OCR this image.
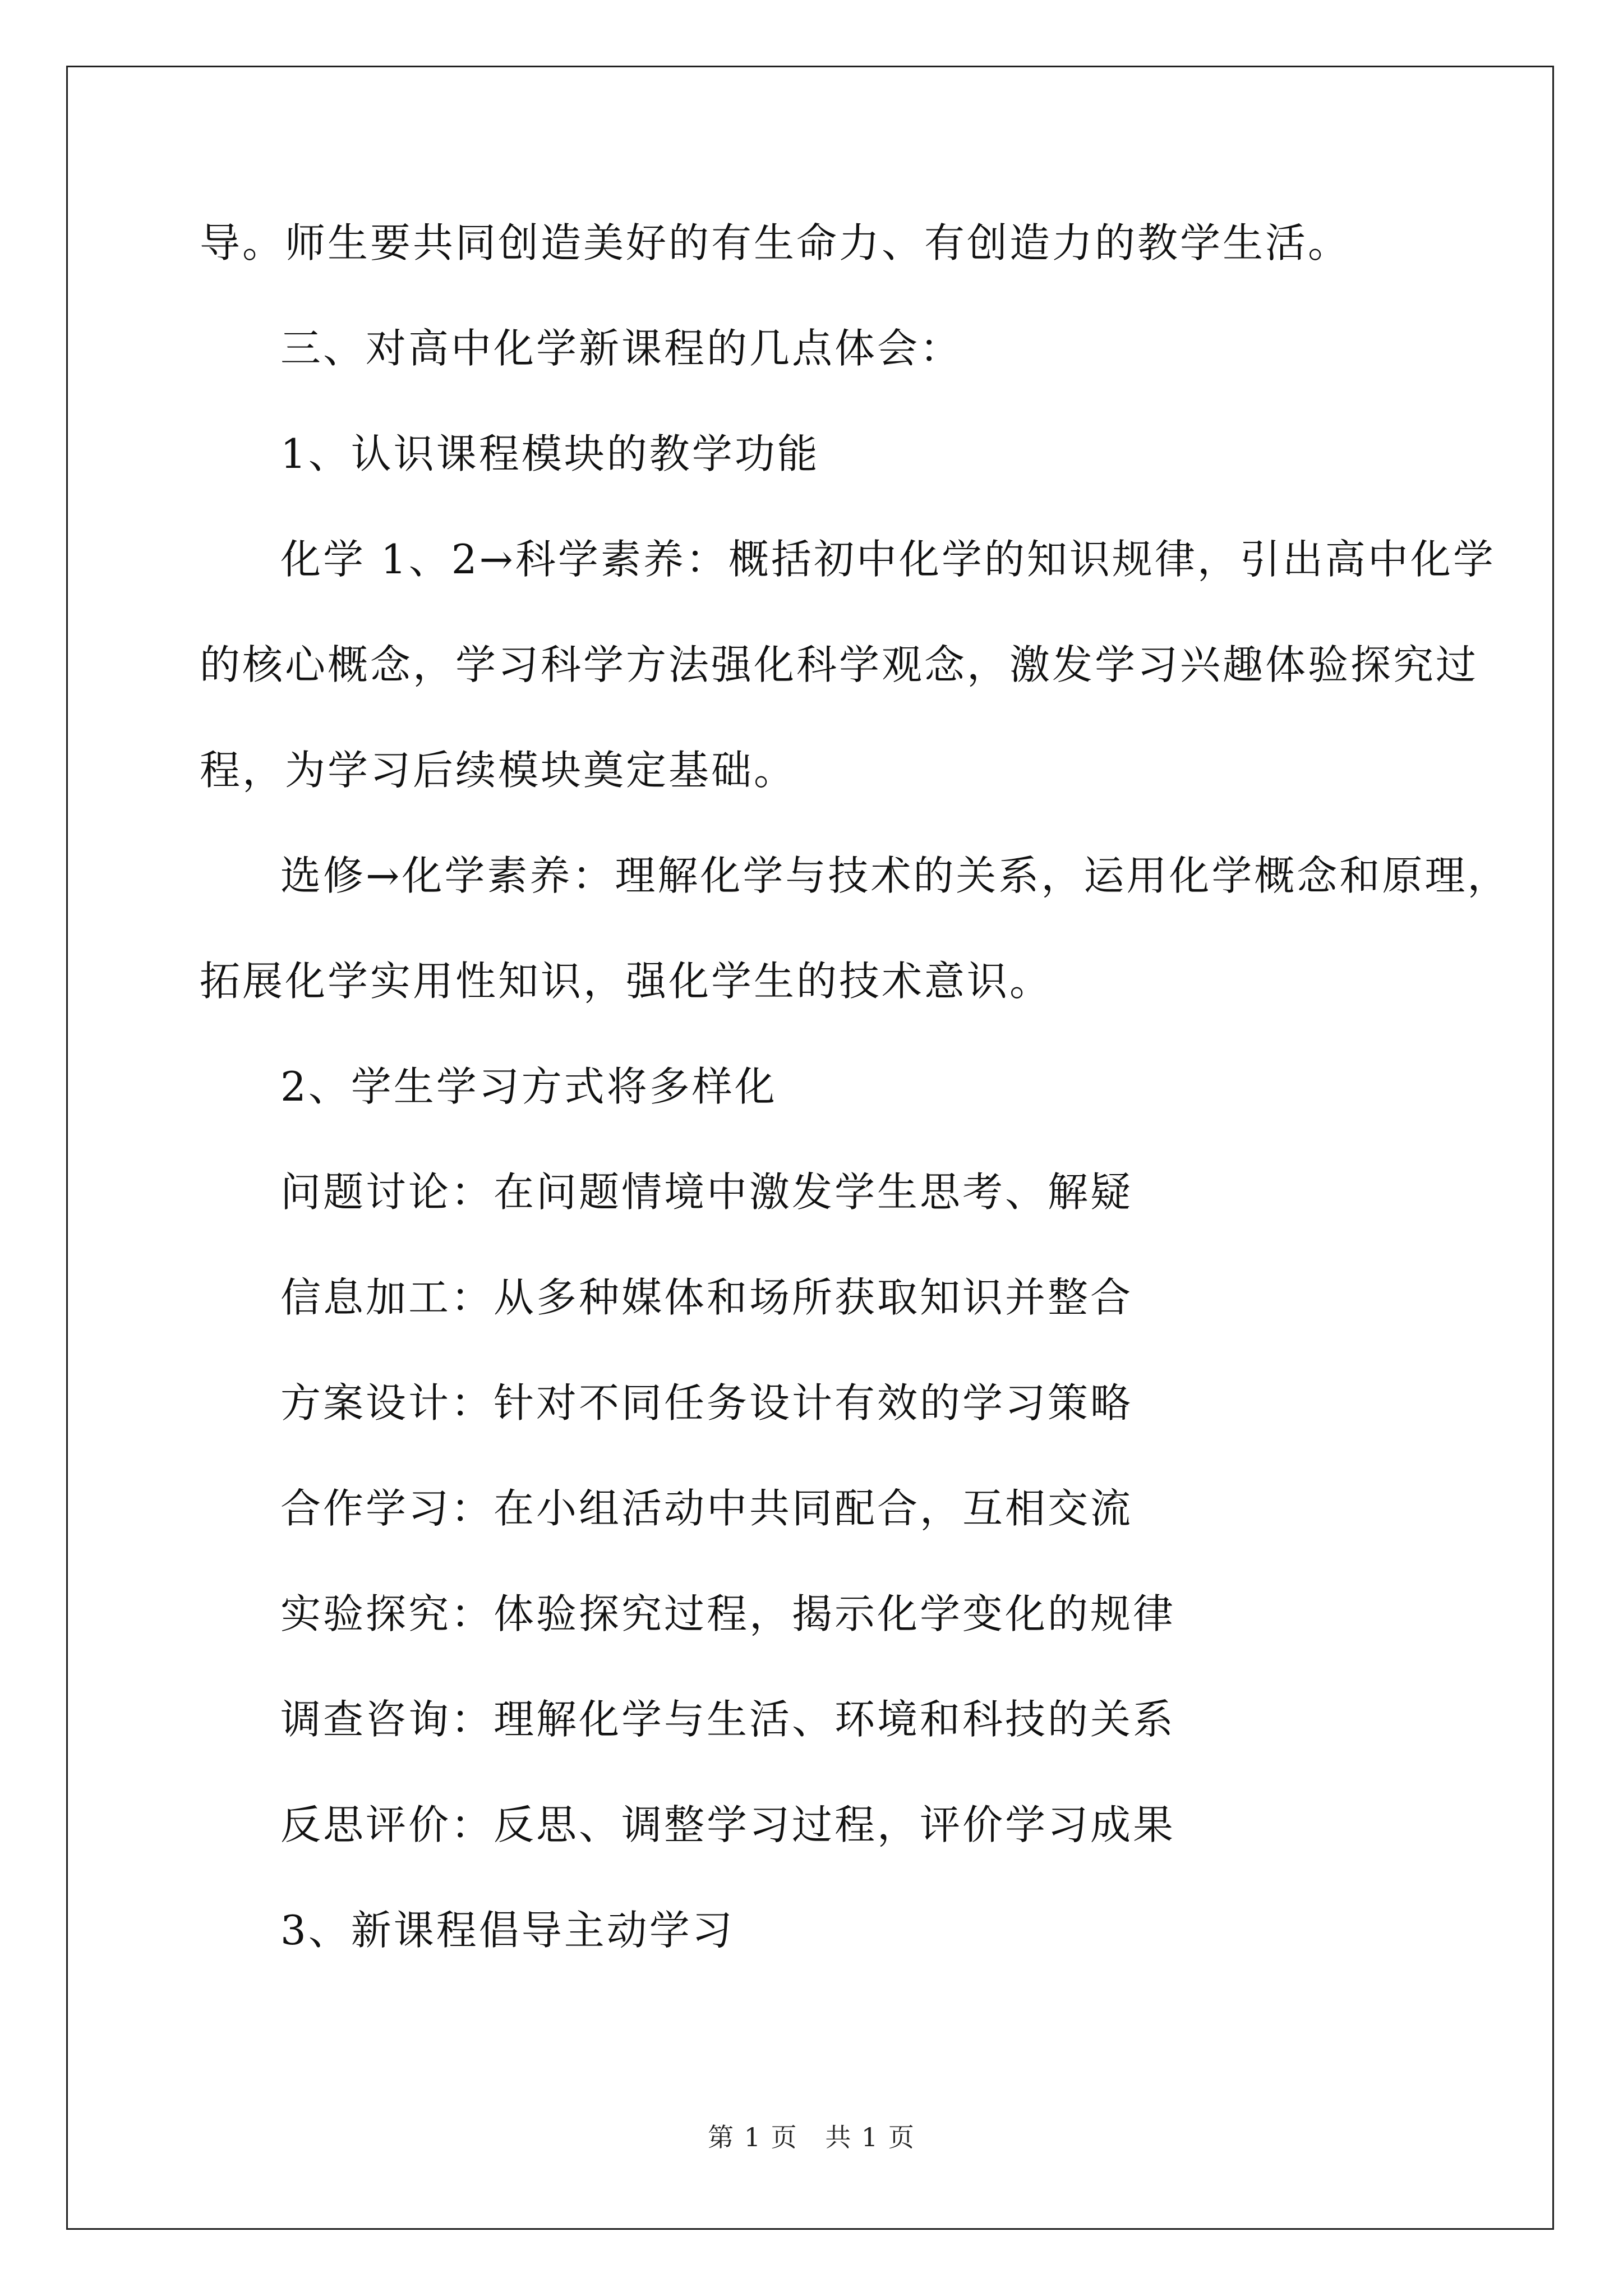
导。师生要共同创造美好的有生命力、有创造力的教学生活。
三、对高中化学新课程的几点体会：
1、认识课程模块的教学功能
化学 1、2→科学素养：概括初中化学的知识规律，引出高中化学
的核心概念，学习科学方法强化科学观念，激发学习兴趣体验探究过
程，为学习后续模块奠定基础。
选修→化学素养：理解化学与技术的关系，运用化学概念和原理，
拓展化学实用性知识，强化学生的技术意识。
2、学生学习方式将多样化
问题讨论：在问题情境中激发学生思考、解疑
信息加工：从多种媒体和场所获取知识并整合
方案设计：针对不同任务设计有效的学习策略
合作学习：在小组活动中共同配合，互相交流
实验探究：体验探究过程，揭示化学变化的规律
调查咨询：理解化学与生活、环境和科技的关系
反思评价：反思、调整学习过程，评价学习成果
3、新课程倡导主动学习
第 1 页 共 1 页
